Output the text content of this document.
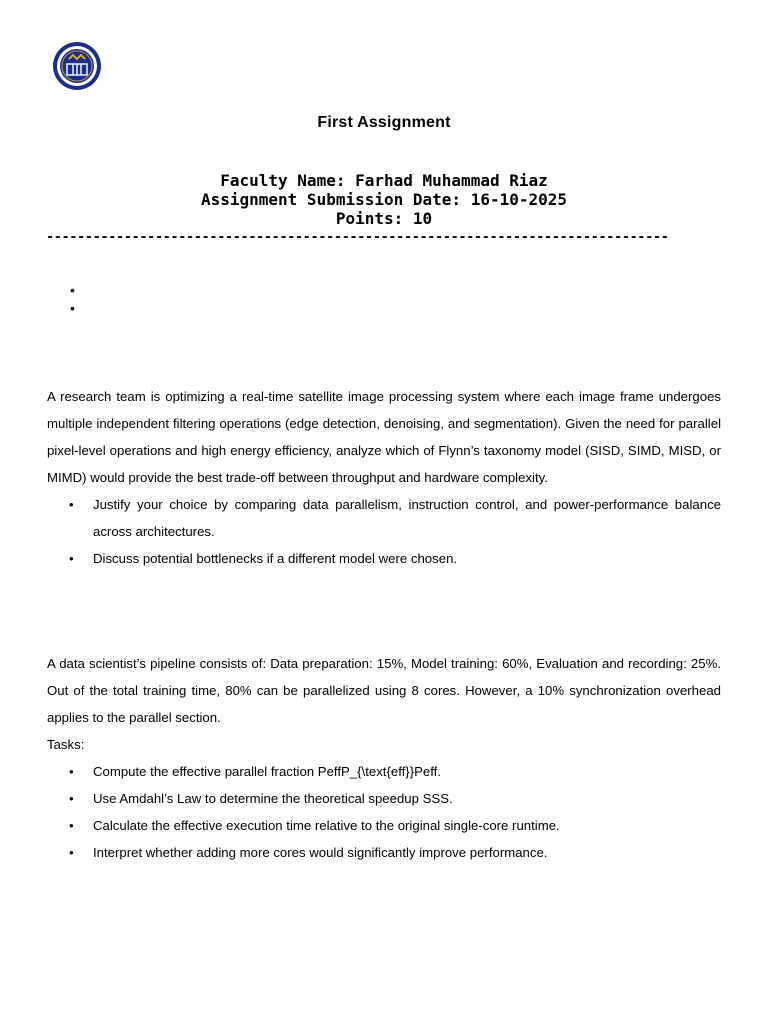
First Assignment
Faculty Name: Farhad Muhammad Riaz
Assignment Submission Date: 16-10-2025
Points: 10
--------------------------------------------------------------------------------
•
•

A research team is optimizing a real-time satellite image processing system where each image frame undergoes multiple independent filtering operations (edge detection, denoising, and segmentation). Given the need for parallel pixel-level operations and high energy efficiency, analyze which of Flynn’s taxonomy model (SISD, SIMD, MISD, or MIMD) would provide the best trade-off between throughput and hardware complexity.

• Justify your choice by comparing data parallelism, instruction control, and power-performance balance across architectures.
• Discuss potential bottlenecks if a different model were chosen.

A data scientist’s pipeline consists of: Data preparation: 15%, Model training: 60%, Evaluation and recording: 25%. Out of the total training time, 80% can be parallelized using 8 cores. However, a 10% synchronization overhead applies to the parallel section.

Tasks:

• Compute the effective parallel fraction PeffP_{\text{eff}}Peff.
• Use Amdahl’s Law to determine the theoretical speedup SSS.
• Calculate the effective execution time relative to the original single-core runtime.
• Interpret whether adding more cores would significantly improve performance.
